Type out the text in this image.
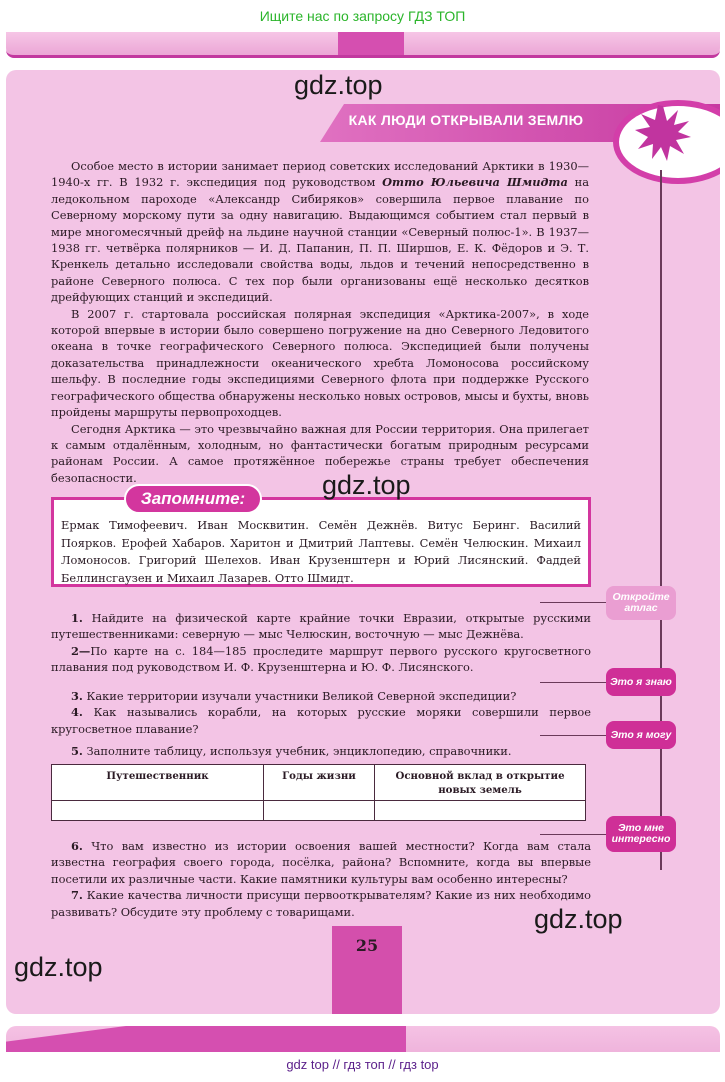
Ищите нас по запросу ГДЗ ТОП
25
КАК ЛЮДИ ОТКРЫВАЛИ ЗЕМЛЮ

Особое место в истории занимает период советских исследований Арктики в 1930—1940-х гг. В 1932 г. экспедиция под руководством Отто Юльевича Шмидта на ледокольном пароходе «Александр Сибиряков» совершила первое плавание по Северному морскому пути за одну навигацию. Выдающимся событием стал первый в мире многомесячный дрейф на льдине научной станции «Северный полюс-1». В 1937—1938 гг. четвёрка полярников — И. Д. Папанин, П. П. Ширшов, Е. К. Фёдоров и Э. Т. Кренкель детально исследовали свойства воды, льдов и течений непосредственно в районе Северного полюса. С тех пор были организованы ещё несколько десятков дрейфующих станций и экспедиций.

В 2007 г. стартовала российская полярная экспедиция «Арктика-2007», в ходе которой впервые в истории было совершено погружение на дно Северного Ледовитого океана в точке географического Северного полюса. Экспедицией были получены доказательства принадлежности океанического хребта Ломоносова российскому шельфу. В последние годы экспедициями Северного флота при поддержке Русского географического общества обнаружены несколько новых островов, мысы и бухты, вновь пройдены маршруты первопроходцев.

Сегодня Арктика — это чрезвычайно важная для России территория. Она прилегает к самым отдалённым, холодным, но фантастически богатым природным ресурсами районам России. А самое протяжённое побережье страны требует обеспечения безопасности.

Запомните:
Ермак Тимофеевич. Иван Москвитин. Семён Дежнёв. Витус Беринг. Василий Поярков. Ерофей Хабаров. Харитон и Дмитрий Лаптевы. Семён Челюскин. Михаил Ломоносов. Григорий Шелехов. Иван Крузенштерн и Юрий Лисянский. Фаддей Беллинсгаузен и Михаил Лазарев. Отто Шмидт.
Откройте атлас
Это я знаю
Это я могу
Это мне интересно

1. Найдите на физической карте крайние точки Евразии, открытые русскими путешественниками: северную — мыс Челюскин, восточную — мыс Дежнёва.

2—По карте на с. 184—185 проследите маршрут первого русского кругосветного плавания под руководством И. Ф. Крузенштерна и Ю. Ф. Лисянского.

3. Какие территории изучали участники Великой Северной экспедиции?

4. Как назывались корабли, на которых русские моряки совершили первое кругосветное плавание?

5. Заполните таблицу, используя учебник, энциклопедию, справочники.

Путешественник	Годы жизни	Основной вклад в открытие новых земель

6. Что вам известно из истории освоения вашей местности? Когда вам стала известна география своего города, посёлка, района? Вспомните, когда вы впервые посетили их различные части. Какие памятники культуры вам особенно интересны?

7. Какие качества личности присущи первооткрывателям? Какие из них необходимо развивать? Обсудите эту проблему с товарищами.

gdz.top
gdz.top
gdz.top
gdz.top
gdz top // гдз топ // гдз top
